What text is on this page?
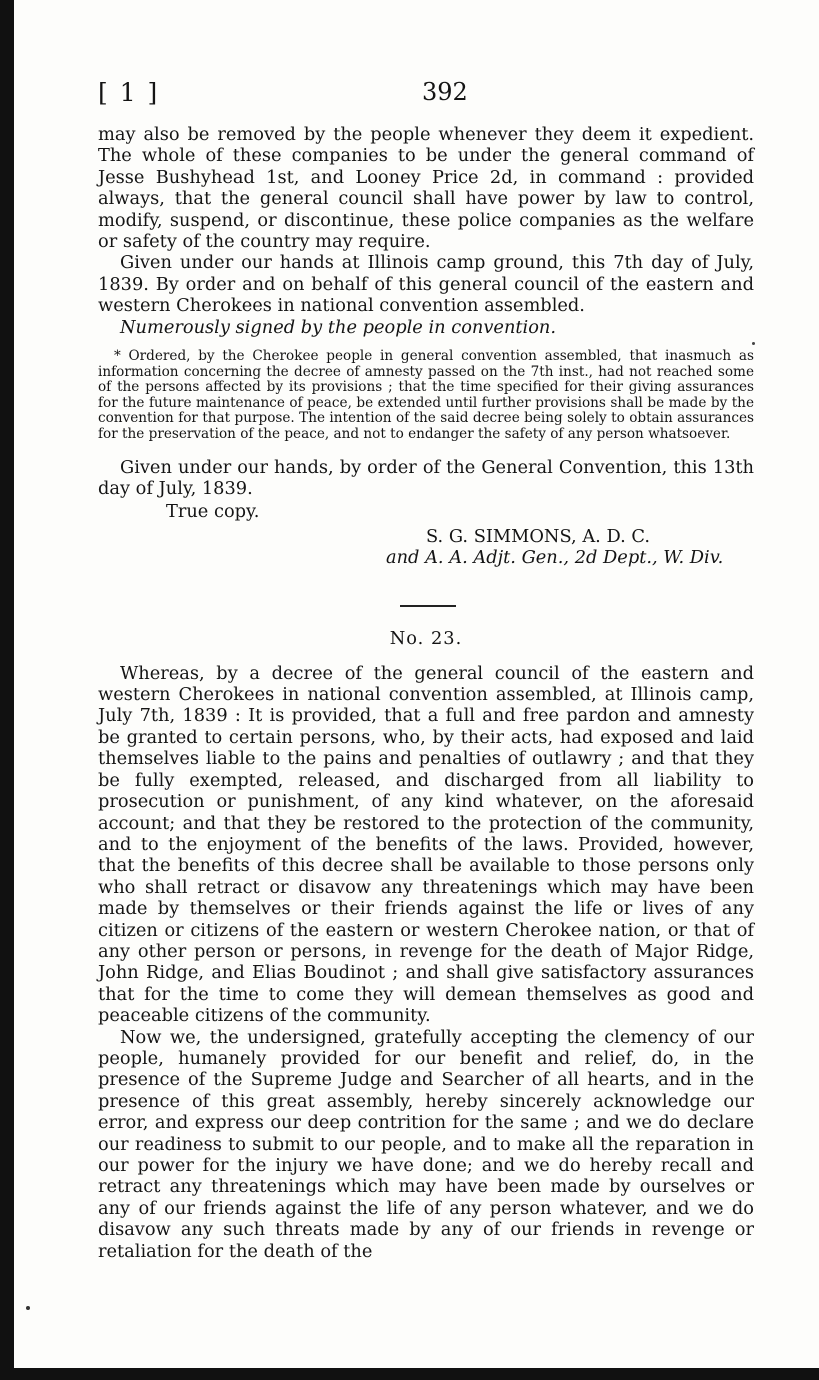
[ 1 ]	392

may also be removed by the people whenever they deem it expedient. The whole of these companies to be under the general command of Jesse Bushyhead 1st, and Looney Price 2d, in command : provided always, that the general council shall have power by law to control, modify, suspend, or discontinue, these police companies as the welfare or safety of the country may require.

Given under our hands at Illinois camp ground, this 7th day of July, 1839. By order and on behalf of this general council of the eastern and western Cherokees in national convention assembled.

Numerously signed by the people in convention.

* Ordered, by the Cherokee people in general convention assembled, that inasmuch as information concerning the decree of amnesty passed on the 7th inst., had not reached some of the persons affected by its provisions ; that the time specified for their giving assurances for the future maintenance of peace, be extended until further provisions shall be made by the convention for that purpose. The intention of the said decree being solely to obtain assurances for the preservation of the peace, and not to endanger the safety of any person whatsoever.

Given under our hands, by order of the General Convention, this 13th day of July, 1839.

True copy.

S. G. SIMMONS, A. D. C.

and A. A. Adjt. Gen., 2d Dept., W. Div.

No. 23.

Whereas, by a decree of the general council of the eastern and western Cherokees in national convention assembled, at Illinois camp, July 7th, 1839 : It is provided, that a full and free pardon and amnesty be granted to certain persons, who, by their acts, had exposed and laid themselves liable to the pains and penalties of outlawry ; and that they be fully exempted, released, and discharged from all liability to prosecution or punishment, of any kind whatever, on the aforesaid account; and that they be restored to the protection of the community, and to the enjoyment of the benefits of the laws. Provided, however, that the benefits of this decree shall be available to those persons only who shall retract or disavow any threatenings which may have been made by themselves or their friends against the life or lives of any citizen or citizens of the eastern or western Cherokee nation, or that of any other person or persons, in revenge for the death of Major Ridge, John Ridge, and Elias Boudinot ; and shall give satisfactory assurances that for the time to come they will demean themselves as good and peaceable citizens of the community.

Now we, the undersigned, gratefully accepting the clemency of our people, humanely provided for our benefit and relief, do, in the presence of the Supreme Judge and Searcher of all hearts, and in the presence of this great assembly, hereby sincerely acknowledge our error, and express our deep contrition for the same ; and we do declare our readiness to submit to our people, and to make all the reparation in our power for the injury we have done; and we do hereby recall and retract any threatenings which may have been made by ourselves or any of our friends against the life of any person whatever, and we do disavow any such threats made by any of our friends in revenge or retaliation for the death of the
